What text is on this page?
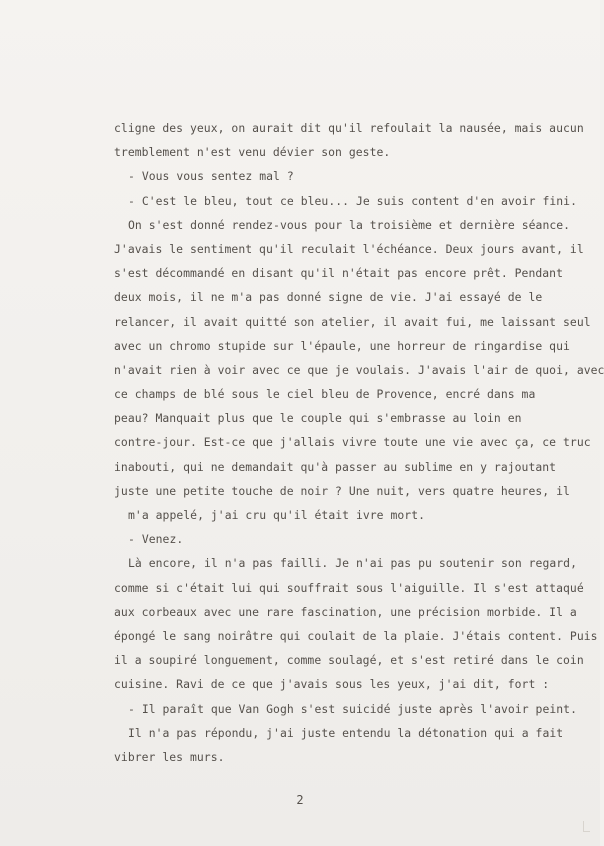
cligne des yeux, on aurait dit qu'il refoulait la nausée, mais aucun
tremblement n'est venu dévier son geste.
- Vous vous sentez mal ?
- C'est le bleu, tout ce bleu... Je suis content d'en avoir fini.
On s'est donné rendez-vous pour la troisième et dernière séance.
J'avais le sentiment qu'il reculait l'échéance. Deux jours avant, il
s'est décommandé en disant qu'il n'était pas encore prêt. Pendant
deux mois, il ne m'a pas donné signe de vie. J'ai essayé de le
relancer, il avait quitté son atelier, il avait fui, me laissant seul
avec un chromo stupide sur l'épaule, une horreur de ringardise qui
n'avait rien à voir avec ce que je voulais. J'avais l'air de quoi, avec
ce champs de blé sous le ciel bleu de Provence, encré dans ma
peau? Manquait plus que le couple qui s'embrasse au loin en
contre-jour. Est-ce que j'allais vivre toute une vie avec ça, ce truc
inabouti, qui ne demandait qu'à passer au sublime en y rajoutant
juste une petite touche de noir ? Une nuit, vers quatre heures, il
m'a appelé, j'ai cru qu'il était ivre mort.
- Venez.
Là encore, il n'a pas failli. Je n'ai pas pu soutenir son regard,
comme si c'était lui qui souffrait sous l'aiguille. Il s'est attaqué
aux corbeaux avec une rare fascination, une précision morbide. Il a
épongé le sang noirâtre qui coulait de la plaie. J'étais content. Puis
il a soupiré longuement, comme soulagé, et s'est retiré dans le coin
cuisine. Ravi de ce que j'avais sous les yeux, j'ai dit, fort :
- Il paraît que Van Gogh s'est suicidé juste après l'avoir peint.
Il n'a pas répondu, j'ai juste entendu la détonation qui a fait
vibrer les murs.
2
